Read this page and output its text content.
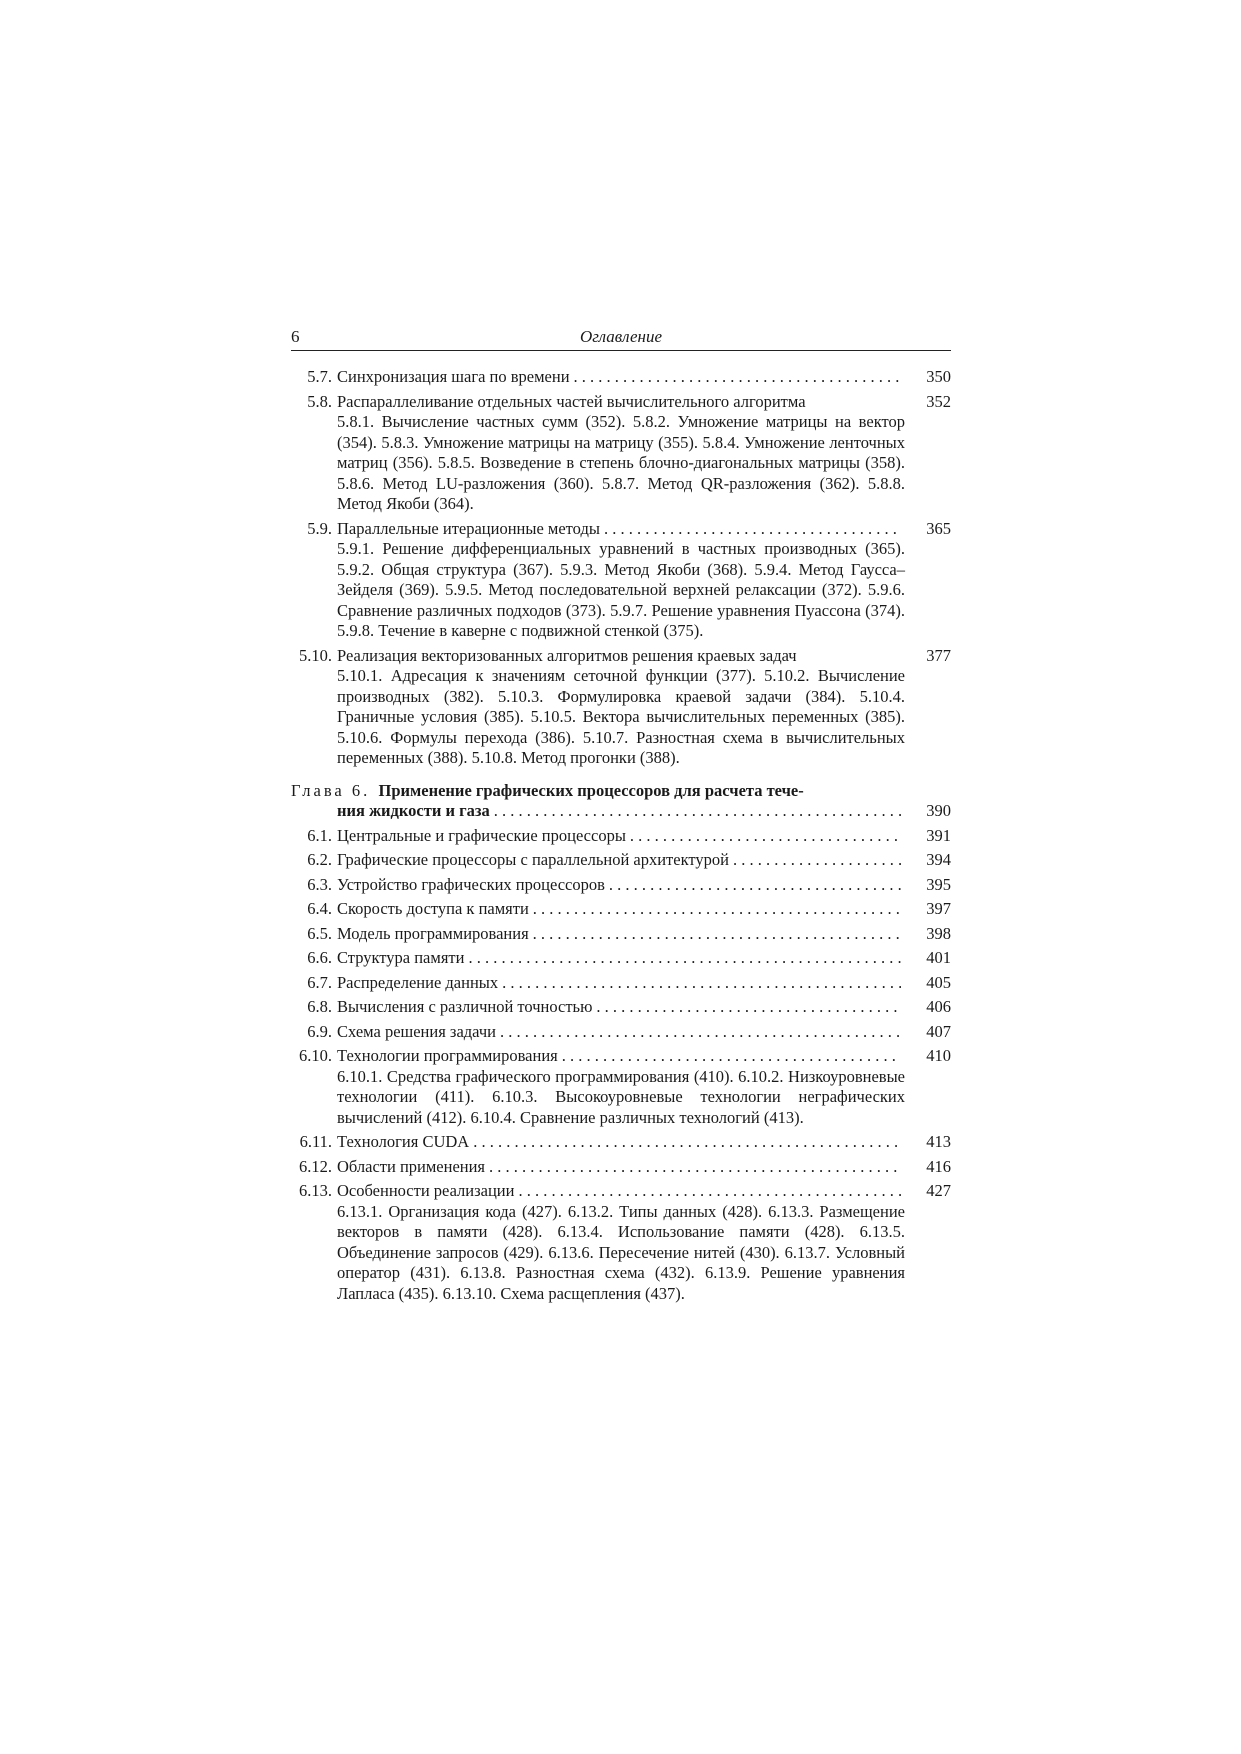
6	Оглавление
5.7. Синхронизация шага по времени . . .	350
5.8. Распараллеливание отдельных частей вычислительного алгоритма	352
5.8.1. Вычисление частных сумм (352). 5.8.2. Умножение матрицы на вектор (354). 5.8.3. Умножение матрицы на матрицу (355). 5.8.4. Умножение ленточных матриц (356). 5.8.5. Возведение в степень блочно-диагональных матрицы (358). 5.8.6. Метод LU-разложения (360). 5.8.7. Метод QR-разложения (362). 5.8.8. Метод Якоби (364).
5.9. Параллельные итерационные методы . . .	365
5.9.1. Решение дифференциальных уравнений в частных производных (365). 5.9.2. Общая структура (367). 5.9.3. Метод Якоби (368). 5.9.4. Метод Гаусса–Зейделя (369). 5.9.5. Метод последовательной верхней релаксации (372). 5.9.6. Сравнение различных подходов (373). 5.9.7. Решение уравнения Пуассона (374). 5.9.8. Течение в каверне с подвижной стенкой (375).
5.10. Реализация векторизованных алгоритмов решения краевых задач	377
5.10.1. Адресация к значениям сеточной функции (377). 5.10.2. Вычисление производных (382). 5.10.3. Формулировка краевой задачи (384). 5.10.4. Граничные условия (385). 5.10.5. Вектора вычислительных переменных (385). 5.10.6. Формулы перехода (386). 5.10.7. Разностная схема в вычислительных переменных (388). 5.10.8. Метод прогонки (388).
Глава 6. Применение графических процессоров для расчета тече-
ния жидкости и газа . . .	390
6.1. Центральные и графические процессоры . . .	391
6.2. Графические процессоры с параллельной архитектурой . . .	394
6.3. Устройство графических процессоров . . .	395
6.4. Скорость доступа к памяти . . .	397
6.5. Модель программирования . . .	398
6.6. Структура памяти . . .	401
6.7. Распределение данных . . .	405
6.8. Вычисления с различной точностью . . .	406
6.9. Схема решения задачи . . .	407
6.10. Технологии программирования . . .	410
6.10.1. Средства графического программирования (410). 6.10.2. Низкоуровневые технологии (411). 6.10.3. Высокоуровневые технологии неграфических вычислений (412). 6.10.4. Сравнение различных технологий (413).
6.11. Технология CUDA . . .	413
6.12. Области применения . . .	416
6.13. Особенности реализации . . .	427
6.13.1. Организация кода (427). 6.13.2. Типы данных (428). 6.13.3. Размещение векторов в памяти (428). 6.13.4. Использование памяти (428). 6.13.5. Объединение запросов (429). 6.13.6. Пересечение нитей (430). 6.13.7. Условный оператор (431). 6.13.8. Разностная схема (432). 6.13.9. Решение уравнения Лапласа (435). 6.13.10. Схема расщепления (437).
